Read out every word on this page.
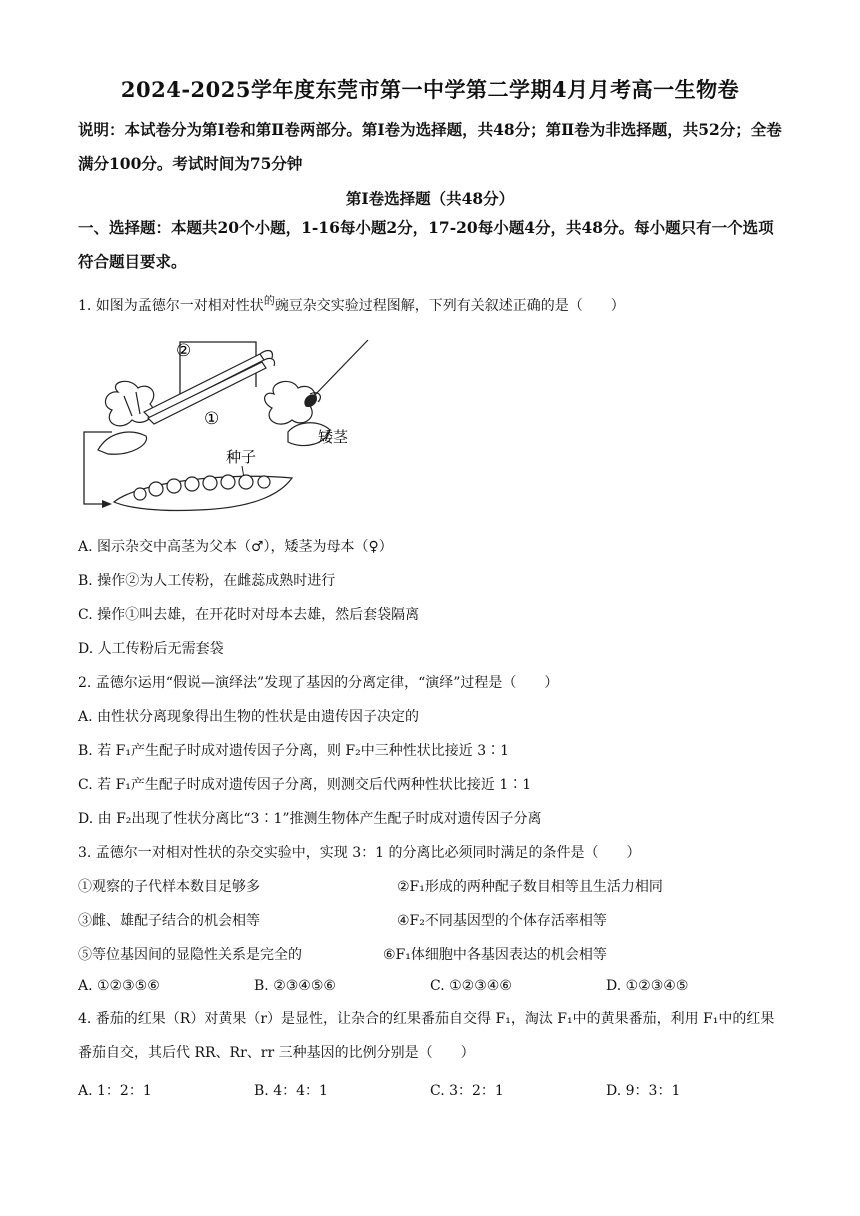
2024-2025学年度东莞市第一中学第二学期4月月考高一生物卷
说明：本试卷分为第Ⅰ卷和第Ⅱ卷两部分。第Ⅰ卷为选择题，共48分；第Ⅱ卷为非选择题，共52分；全卷满分100分。考试时间为75分钟
第Ⅰ卷选择题（共48分）
一、选择题：本题共20个小题，1-16每小题2分，17-20每小题4分，共48分。每小题只有一个选项符合题目要求。
1. 如图为孟德尔一对相对性状$^的$豌豆杂交实验过程图解，下列有关叙述正确的是（　　）
②
①
矮茎
种子
A. 图示杂交中高茎为父本（♂），矮茎为母本（♀）
B. 操作②为人工传粉，在雌蕊成熟时进行
C. 操作①叫去雄，在开花时对母本去雄，然后套袋隔离
D. 人工传粉后无需套袋
2. 孟德尔运用“假说—演绎法”发现了基因的分离定律，“演绎”过程是（　　）
A. 由性状分离现象得出生物的性状是由遗传因子决定的
B. 若 F₁产生配子时成对遗传因子分离，则 F₂中三种性状比接近 3∶1
C. 若 F₁产生配子时成对遗传因子分离，则测交后代两种性状比接近 1∶1
D. 由 F₂出现了性状分离比“3∶1”推测生物体产生配子时成对遗传因子分离
3. 孟德尔一对相对性状的杂交实验中，实现 3：1 的分离比必须同时满足的条件是（　　）
①观察的子代样本数目足够多	②F₁形成的两种配子数目相等且生活力相同
③雌、雄配子结合的机会相等	④F₂不同基因型的个体存活率相等
⑤等位基因间的显隐性关系是完全的	⑥F₁体细胞中各基因表达的机会相等
A. ①②③⑤⑥	B. ②③④⑤⑥	C. ①②③④⑥	D. ①②③④⑤
4. 番茄的红果（R）对黄果（r）是显性，让杂合的红果番茄自交得 F₁，淘汰 F₁中的黄果番茄，利用 F₁中的红果番茄自交，其后代 RR、Rr、rr 三种基因的比例分别是（　　）
A. 1：2：1	B. 4：4：1	C. 3：2：1	D. 9：3：1
